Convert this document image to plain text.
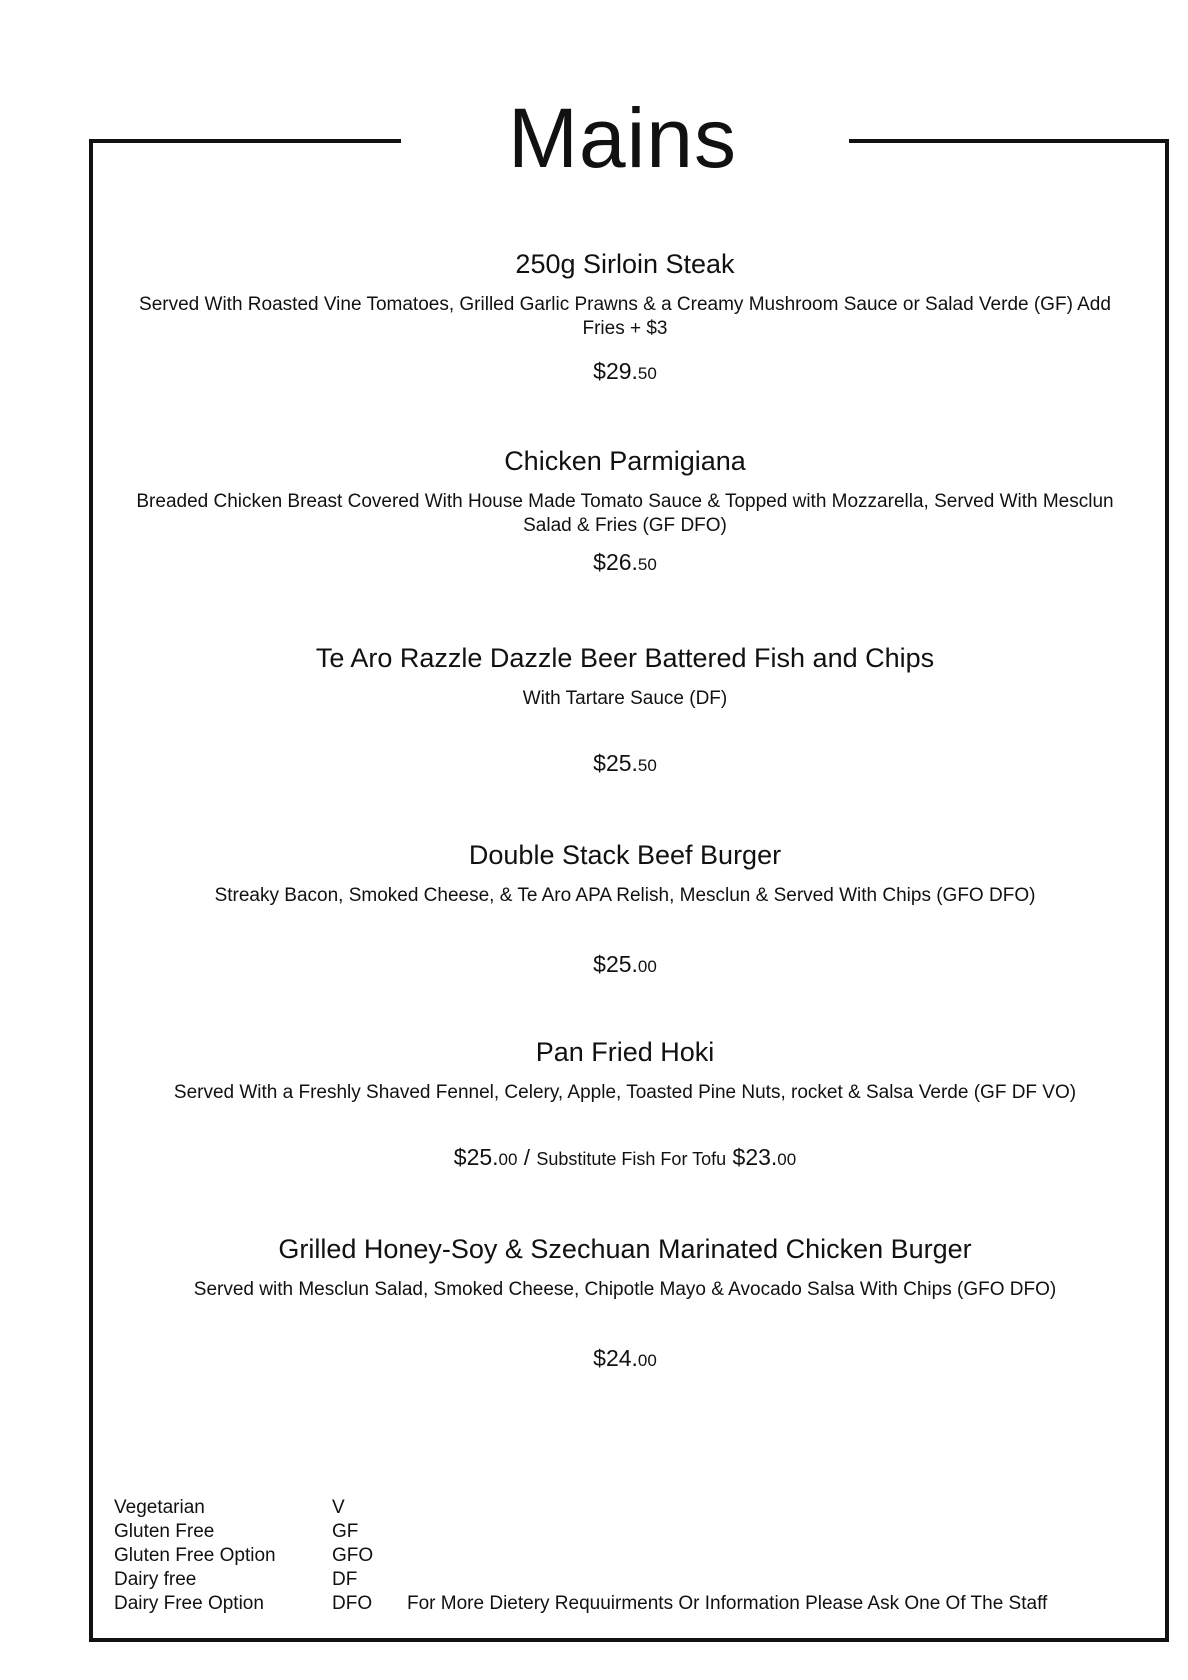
Mains
250g Sirloin Steak
Served With Roasted Vine Tomatoes, Grilled Garlic Prawns & a Creamy Mushroom Sauce or Salad Verde (GF) Add Fries + $3
$29.50
Chicken Parmigiana
Breaded Chicken Breast Covered With House Made Tomato Sauce & Topped with Mozzarella, Served With Mesclun Salad & Fries (GF DFO)
$26.50
Te Aro Razzle Dazzle Beer Battered Fish and Chips
With Tartare Sauce (DF)
$25.50
Double Stack Beef Burger
Streaky Bacon, Smoked Cheese, & Te Aro APA Relish, Mesclun & Served With Chips (GFO DFO)
$25.00
Pan Fried Hoki
Served With a Freshly Shaved Fennel, Celery, Apple, Toasted Pine Nuts, rocket & Salsa Verde (GF DF VO)
$25.00 / Substitute Fish For Tofu $23.00
Grilled Honey-Soy & Szechuan Marinated Chicken Burger
Served with Mesclun Salad, Smoked Cheese, Chipotle Mayo & Avocado Salsa With Chips (GFO DFO)
$24.00
Vegetarian	V
Gluten Free	GF
Gluten Free Option	GFO
Dairy free	DF
Dairy Free Option	DFO	For More Dietery Requuirments Or Information Please Ask One Of The Staff
